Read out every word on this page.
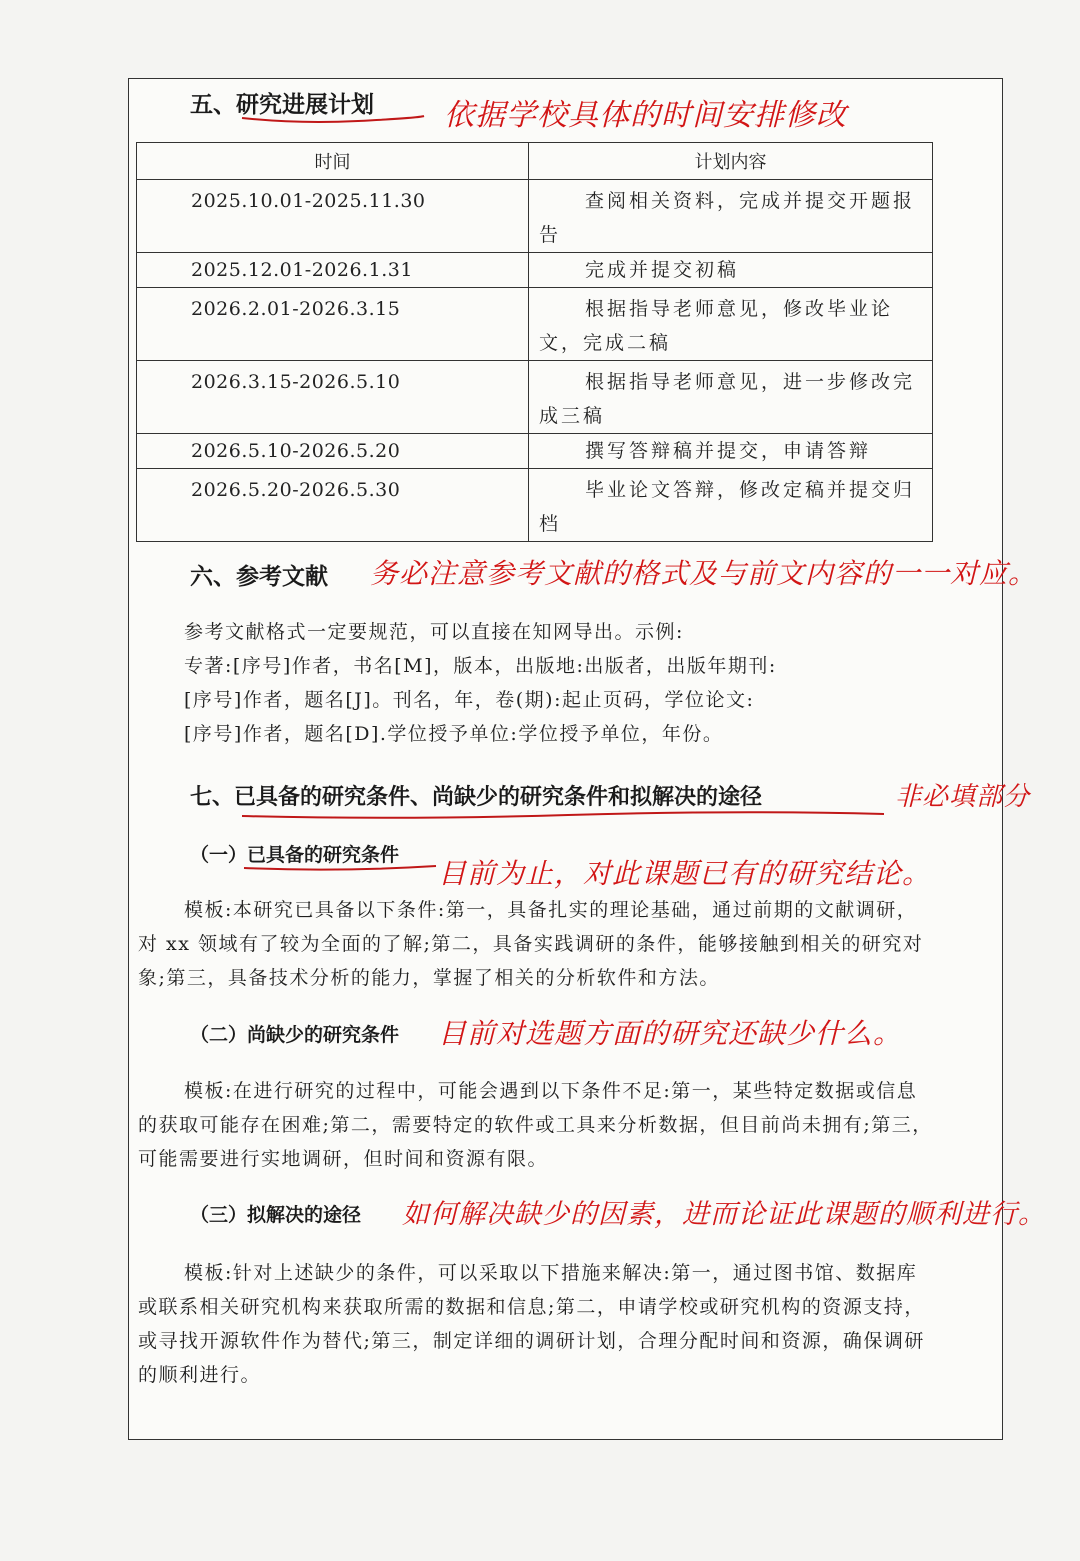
五、研究进展计划 依据学校具体的时间安排修改
时间	计划内容

2025.10.01-2025.11.30	查阅相关资料，完成并提交开题报告

2025.12.01-2026.1.31	完成并提交初稿

2026.2.01-2026.3.15	根据指导老师意见，修改毕业论文，完成二稿

2026.3.15-2026.5.10	根据指导老师意见，进一步修改完成三稿

2026.5.10-2026.5.20	撰写答辩稿并提交，申请答辩

2026.5.20-2026.5.30	毕业论文答辩，修改定稿并提交归档
六、参考文献 务必注意参考文献的格式及与前文内容的一一对应。
参考文献格式一定要规范，可以直接在知网导出。示例:
专著:[序号]作者，书名[M]，版本，出版地:出版者，出版年期刊:
[序号]作者，题名[J]。刊名，年，卷(期):起止页码，学位论文:
[序号]作者，题名[D].学位授予单位:学位授予单位，年份。
七、已具备的研究条件、尚缺少的研究条件和拟解决的途径	非必填部分
（一）已具备的研究条件
目前为止，对此课题已有的研究结论。
模板:本研究已具备以下条件:第一，具备扎实的理论基础，通过前期的文献调研，
对 xx 领域有了较为全面的了解;第二，具备实践调研的条件，能够接触到相关的研究对
象;第三，具备技术分析的能力，掌握了相关的分析软件和方法。
（二）尚缺少的研究条件 目前对选题方面的研究还缺少什么。
模板:在进行研究的过程中，可能会遇到以下条件不足:第一，某些特定数据或信息
的获取可能存在困难;第二，需要特定的软件或工具来分析数据，但目前尚未拥有;第三，
可能需要进行实地调研，但时间和资源有限。
（三）拟解决的途径 如何解决缺少的因素，进而论证此课题的顺利进行。
模板:针对上述缺少的条件，可以采取以下措施来解决:第一，通过图书馆、数据库
或联系相关研究机构来获取所需的数据和信息;第二，申请学校或研究机构的资源支持，
或寻找开源软件作为替代;第三，制定详细的调研计划，合理分配时间和资源，确保调研
的顺利进行。
